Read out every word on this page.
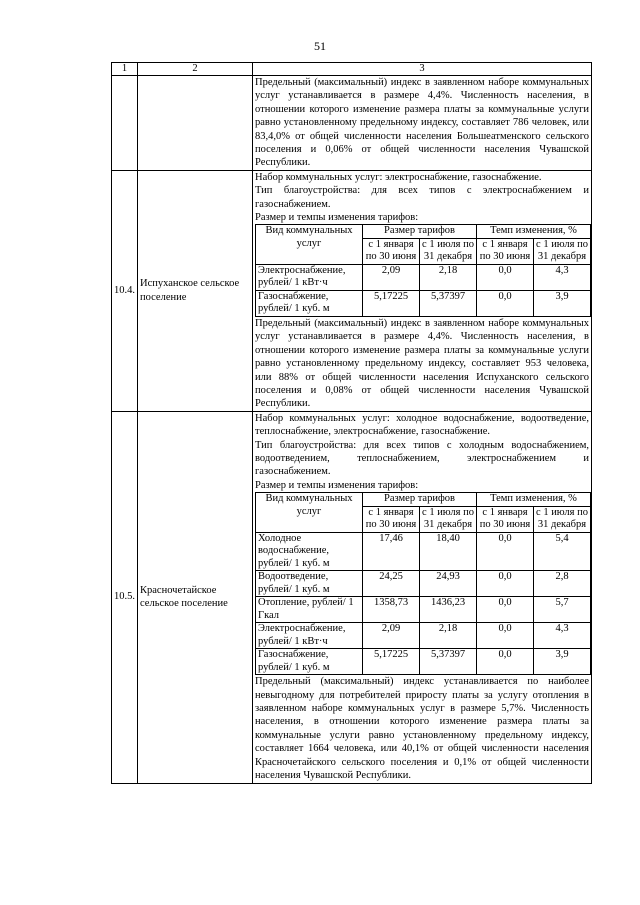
51
1	2	3
		Предельный (максимальный) индекс в заявленном наборе коммунальных услуг устанавливается в размере 4,4%. Численность населения, в отношении которого изменение размера платы за коммунальные услуги равно установленному предельному индексу, составляет 786 человек, или 83,4,0% от общей численности населения Большеатменского сельского поселения и 0,06% от общей численности населения Чувашской Республики.
10.4.	Испуханское сельское поселение	
Набор коммунальных услуг: электроснабжение, газоснабжение.
Тип благоустройства: для всех типов с электроснабжением и газоснабжением.
Размер и темпы изменения тарифов:
Вид коммунальных услуг	Размер тарифов	Темп изменения, %
с 1 января по 30 июня	с 1 июля по 31 декабря	с 1 января по 30 июня	с 1 июля по 31 декабря
Электроснабжение, рублей/ 1 кВт·ч	2,09	2,18	0,0	4,3
Газоснабжение, рублей/ 1 куб. м	5,17225	5,37397	0,0	3,9
Предельный (максимальный) индекс в заявленном наборе коммунальных услуг устанавливается в размере 4,4%. Численность населения, в отношении которого изменение размера платы за коммунальные услуги равно установленному предельному индексу, составляет 953 человека, или 88% от общей численности населения Испуханского сельского поселения и 0,08% от общей численности населения Чувашской Республики.

10.5.	Красночетайское сельское поселение	
Набор коммунальных услуг: холодное водоснабжение, водоотведение, теплоснабжение, электроснабжение, газоснабжение.
Тип благоустройства: для всех типов с холодным водоснабжением, водоотведением, теплоснабжением, электроснабжением и газоснабжением.
Размер и темпы изменения тарифов:
Вид коммунальных услуг	Размер тарифов	Темп изменения, %
с 1 января по 30 июня	с 1 июля по 31 декабря	с 1 января по 30 июня	с 1 июля по 31 декабря
Холодное водоснабжение, рублей/ 1 куб. м	17,46	18,40	0,0	5,4
Водоотведение, рублей/ 1 куб. м	24,25	24,93	0,0	2,8
Отопление, рублей/ 1 Гкал	1358,73	1436,23	0,0	5,7
Электроснабжение, рублей/ 1 кВт·ч	2,09	2,18	0,0	4,3
Газоснабжение, рублей/ 1 куб. м	5,17225	5,37397	0,0	3,9
Предельный (максимальный) индекс устанавливается по наиболее невыгодному для потребителей приросту платы за услугу отопления в заявленном наборе коммунальных услуг в размере 5,7%. Численность населения, в отношении которого изменение размера платы за коммунальные услуги равно установленному предельному индексу, составляет 1664 человека, или 40,1% от общей численности населения Красночетайского сельского поселения и 0,1% от общей численности населения Чувашской Республики.
